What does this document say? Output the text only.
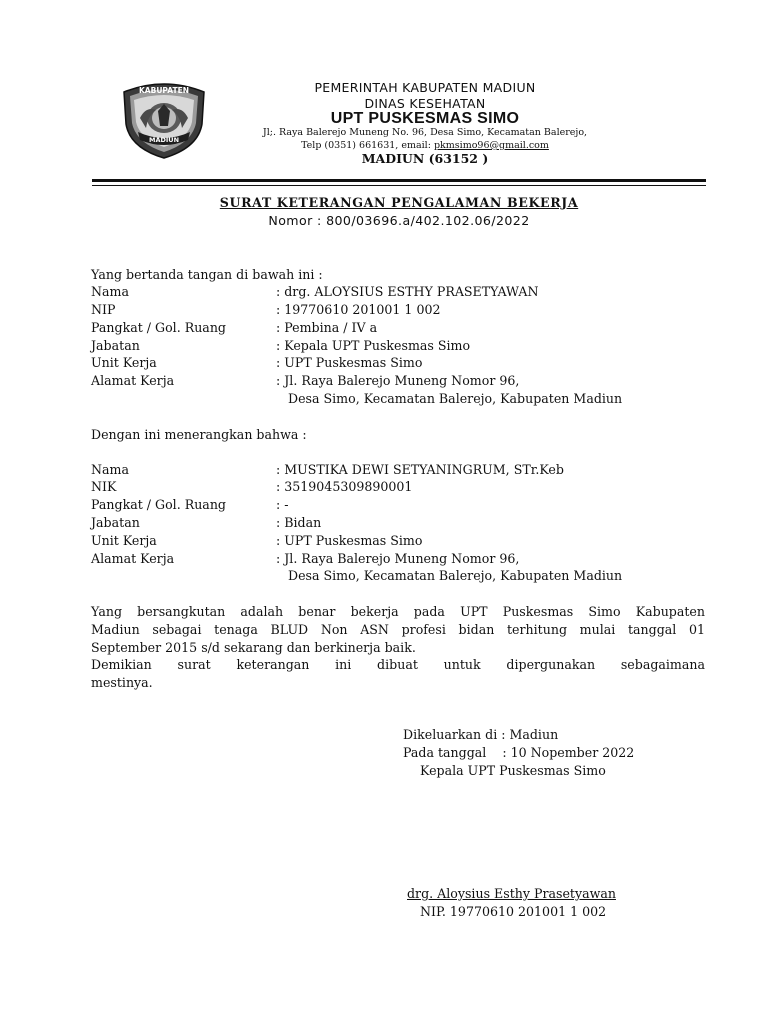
KABUPATEN
MADIUN
PEMERINTAH KABUPATEN MADIUN
DINAS KESEHATAN
UPT PUSKESMAS SIMO
Jl;. Raya Balerejo Muneng No. 96, Desa Simo, Kecamatan Balerejo,
Telp (0351) 661631, email: pkmsimo96@gmail.com
MADIUN (63152 )
SURAT KETERANGAN PENGALAMAN BEKERJA
Nomor : 800/03696.a/402.102.06/2022
Yang bertanda tangan di bawah ini :
Nama	: drg. ALOYSIUS ESTHY PRASETYAWAN
NIP	: 19770610 201001 1 002
Pangkat / Gol. Ruang	: Pembina / IV a
Jabatan	: Kepala UPT Puskesmas Simo
Unit Kerja	: UPT Puskesmas Simo
Alamat Kerja	: Jl. Raya Balerejo Muneng Nomor 96,
Desa Simo, Kecamatan Balerejo, Kabupaten Madiun
Dengan ini menerangkan bahwa :
Nama	: MUSTIKA DEWI SETYANINGRUM, STr.Keb
NIK	: 3519045309890001
Pangkat / Gol. Ruang	: -
Jabatan	: Bidan
Unit Kerja	: UPT Puskesmas Simo
Alamat Kerja	: Jl. Raya Balerejo Muneng Nomor 96,
Desa Simo, Kecamatan Balerejo, Kabupaten Madiun
Yang bersangkutan adalah benar bekerja pada UPT Puskesmas Simo Kabupaten
Madiun sebagai tenaga BLUD Non ASN profesi bidan terhitung mulai tanggal 01
September 2015 s/d sekarang dan berkinerja baik.
Demikian surat keterangan ini dibuat untuk dipergunakan sebagaimana
mestinya.
Dikeluarkan di : Madiun
Pada tanggal    : 10 Nopember 2022
Kepala UPT Puskesmas Simo
drg. Aloysius Esthy Prasetyawan
NIP. 19770610 201001 1 002
